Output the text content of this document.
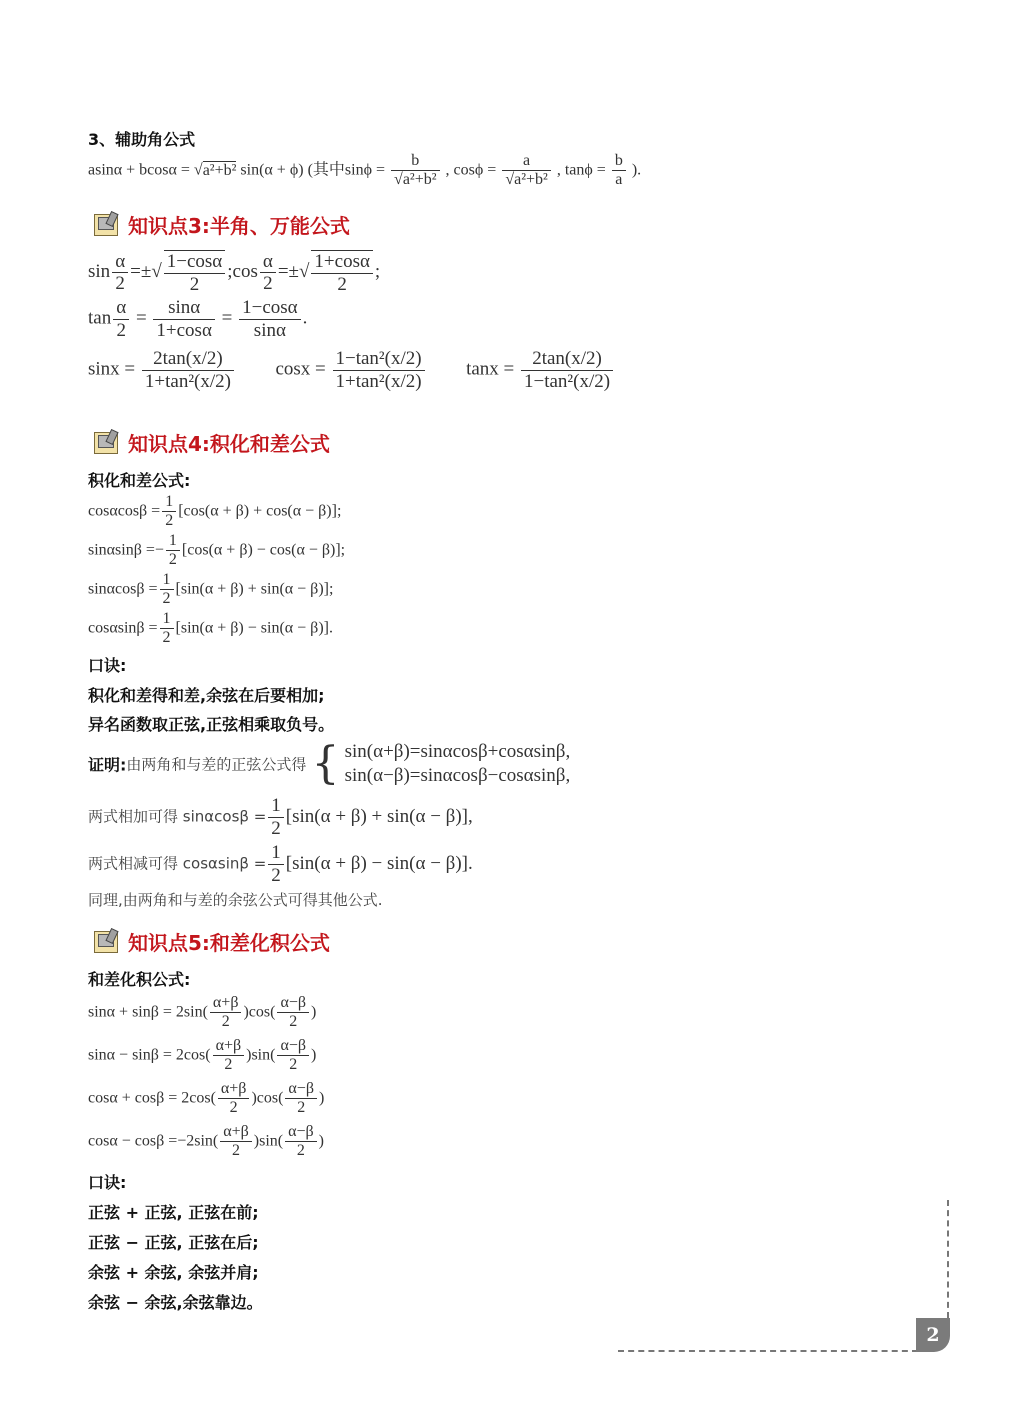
3、辅助角公式
asinα + bcosα = √a²+b² sin(α + ϕ) (其中$\sin\phi = \frac{b}{\text{√a²+b²}}$ , $\cos\phi = \frac{a}{\text{√a²+b²}}$ , $\tan\phi = \frac{b}{a}$ ).
知识点3:半角、万能公式
$\sin \frac{\alpha}{2}$ =±√ $\frac{1-\cos\alpha}{2}$ ;cos $\frac{\alpha}{2}$ =±√ $\frac{1+\cos\alpha}{2}$ ;
$\tan \frac{\alpha}{2} = \frac{\sin\alpha}{1+\cos\alpha} = \frac{1-\cos\alpha}{\sin\alpha}$ .
$\sin x = \frac{2\tan(x/2)}{\text{1+tan²(x/2)}}$ $\cos x = \frac{\text{1−tan²(x/2)}}{\text{1+tan²(x/2)}}$ $\tan x = \frac{2\tan(x/2)}{\text{1−tan²(x/2)}}$
知识点4:积化和差公式
积化和差公式:
$\cos\alpha\cos\beta = \frac{1}{2} [\cos(\alpha + \beta) + \cos(\alpha - \beta)]$;
$\sin\alpha\sin\beta =- \frac{1}{2} [\cos(\alpha + \beta) - \cos(\alpha - \beta)]$;
$\sin\alpha\cos\beta = \frac{1}{2} [\sin(\alpha + \beta) + \sin(\alpha - \beta)]$;
$\cos\alpha\sin\beta = \frac{1}{2} [\sin(\alpha + \beta) - \sin(\alpha - \beta)]$.
口诀:
积化和差得和差,余弦在后要相加;
异名函数取正弦,正弦相乘取负号。
证明:由两角和与差的正弦公式得 { sin(α+β)=sinαcosβ+cosαsinβ,
sin(α−β)=sinαcosβ−cosαsinβ,
两式相加可得 $\sin\alpha\cos\beta = \frac{1}{2} [\sin(\alpha + \beta) + \sin(\alpha - \beta)]$,
两式相减可得 $\cos\alpha\sin\beta = \frac{1}{2} [\sin(\alpha + \beta) - \sin(\alpha - \beta)]$.
同理,由两角和与差的余弦公式可得其他公式.
知识点5:和差化积公式
和差化积公式:
$\sin\alpha + \sin\beta = 2\sin( \frac{\alpha+\beta}{2} )\cos( \frac{\alpha-\beta}{2}$ )
$\sin\alpha - \sin\beta = 2\cos( \frac{\alpha+\beta}{2} )\sin( \frac{\alpha-\beta}{2}$ )
$\cos\alpha + \cos\beta = 2\cos( \frac{\alpha+\beta}{2} )\cos( \frac{\alpha-\beta}{2}$ )
$\cos\alpha - \cos\beta =-2\sin( \frac{\alpha+\beta}{2} )\sin( \frac{\alpha-\beta}{2}$ )
口诀:
正弦 + 正弦, 正弦在前;
正弦 − 正弦, 正弦在后;
余弦 + 余弦, 余弦并肩;
余弦 − 余弦,余弦靠边。
2
